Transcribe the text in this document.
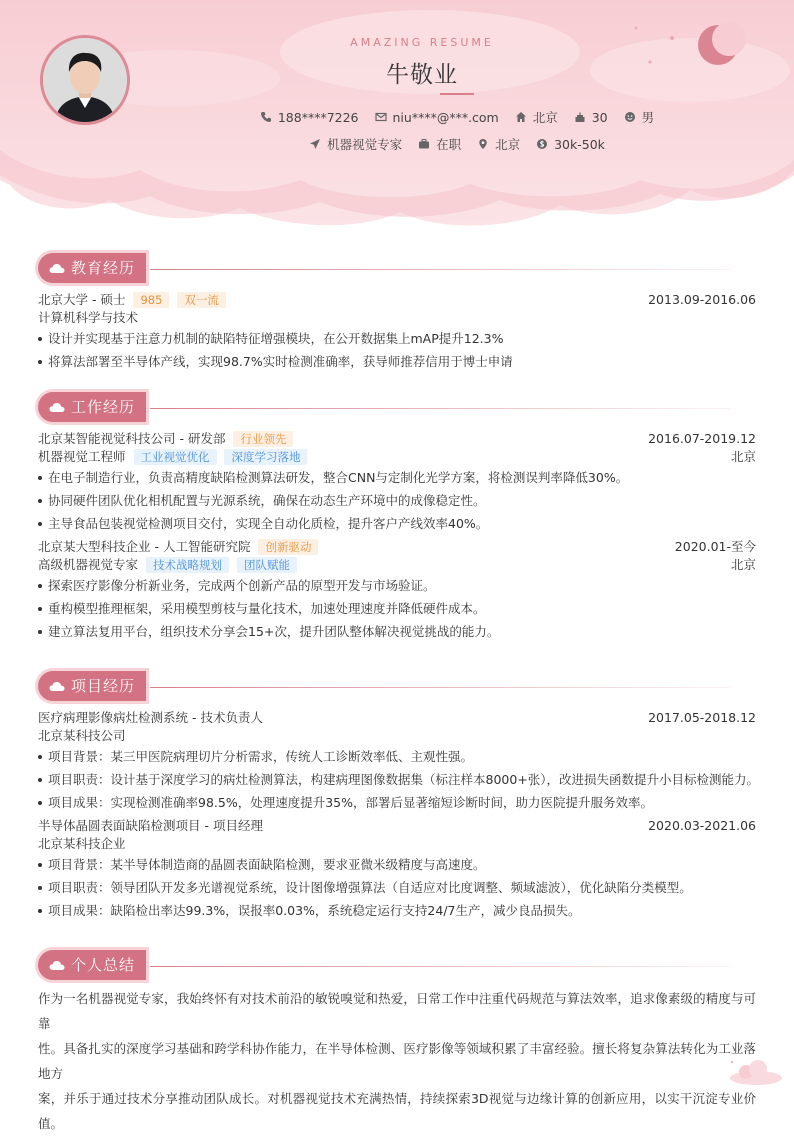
AMAZING RESUME
牛敬业
188****7226	niu****@***.com	北京	30	男
机器视觉专家	在职	北京	30k-50k
教育经历
北京大学 - 硕士 985 双一流	2013.09-2016.06
计算机科学与技术
设计并实现基于注意力机制的缺陷特征增强模块，在公开数据集上mAP提升12.3%
将算法部署至半导体产线，实现98.7%实时检测准确率，获导师推荐信用于博士申请
工作经历
北京某智能视觉科技公司 - 研发部 行业领先	2016.07-2019.12
机器视觉工程师 工业视觉优化 深度学习落地	北京
在电子制造行业，负责高精度缺陷检测算法研发，整合CNN与定制化光学方案，将检测误判率降低30%。
协同硬件团队优化相机配置与光源系统，确保在动态生产环境中的成像稳定性。
主导食品包装视觉检测项目交付，实现全自动化质检，提升客户产线效率40%。
北京某大型科技企业 - 人工智能研究院 创新驱动	2020.01-至今
高级机器视觉专家 技术战略规划 团队赋能	北京
探索医疗影像分析新业务，完成两个创新产品的原型开发与市场验证。
重构模型推理框架，采用模型剪枝与量化技术，加速处理速度并降低硬件成本。
建立算法复用平台，组织技术分享会15+次，提升团队整体解决视觉挑战的能力。
项目经历
医疗病理影像病灶检测系统 - 技术负责人	2017.05-2018.12
北京某科技公司
项目背景：某三甲医院病理切片分析需求，传统人工诊断效率低、主观性强。
项目职责：设计基于深度学习的病灶检测算法，构建病理图像数据集（标注样本8000+张），改进损失函数提升小目标检测能力。
项目成果：实现检测准确率98.5%，处理速度提升35%，部署后显著缩短诊断时间，助力医院提升服务效率。
半导体晶圆表面缺陷检测项目 - 项目经理	2020.03-2021.06
北京某科技企业
项目背景：某半导体制造商的晶圆表面缺陷检测，要求亚微米级精度与高速度。
项目职责：领导团队开发多光谱视觉系统，设计图像增强算法（自适应对比度调整、频域滤波），优化缺陷分类模型。
项目成果：缺陷检出率达99.3%，误报率0.03%，系统稳定运行支持24/7生产，减少良品损失。
个人总结

作为一名机器视觉专家，我始终怀有对技术前沿的敏锐嗅觉和热爱，日常工作中注重代码规范与算法效率，追求像素级的精度与可靠
性。具备扎实的深度学习基础和跨学科协作能力，在半导体检测、医疗影像等领域积累了丰富经验。擅长将复杂算法转化为工业落地方
案，并乐于通过技术分享推动团队成长。对机器视觉技术充满热情，持续探索3D视觉与边缘计算的创新应用，以实干沉淀专业价值。
